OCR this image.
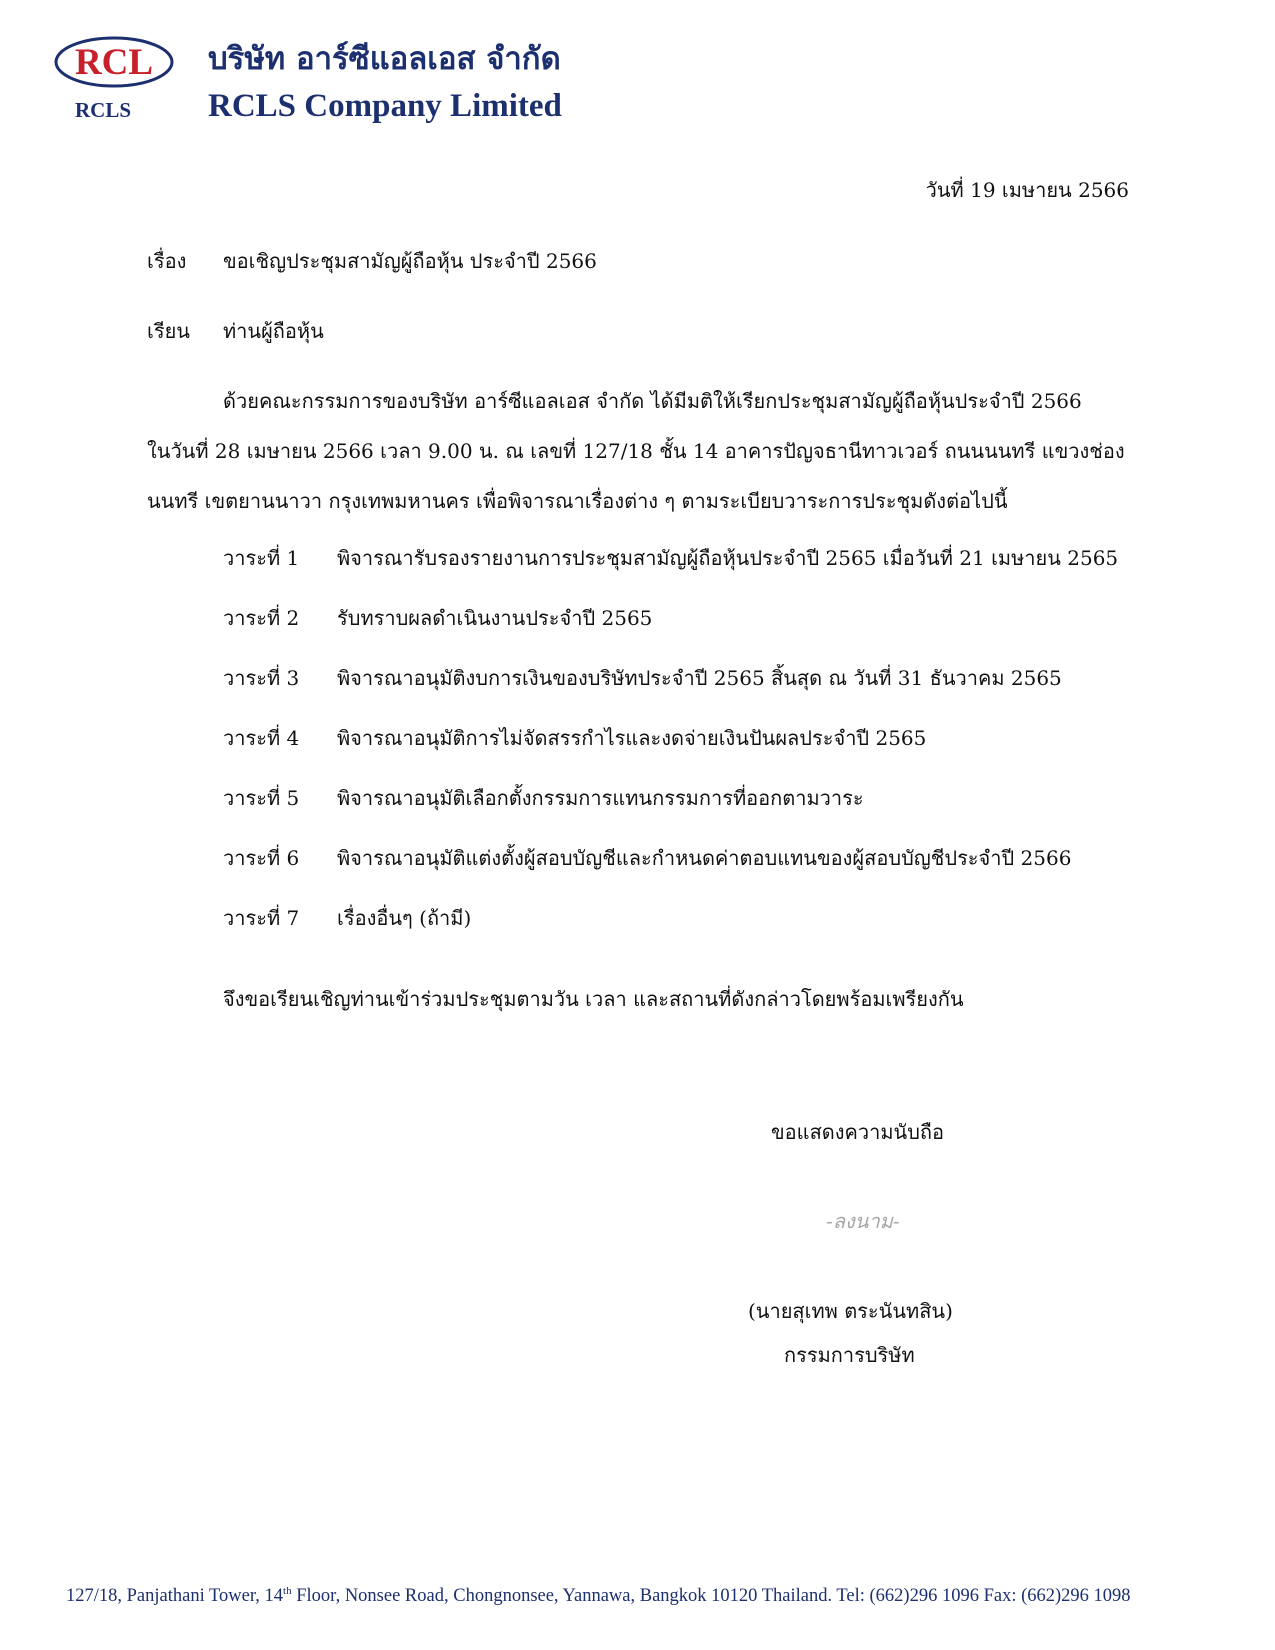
RCL
RCLS
บริษัท อาร์ซีแอลเอส จำกัด
RCLS Company Limited
วันที่ 19 เมษายน 2566
เรื่อง ขอเชิญประชุมสามัญผู้ถือหุ้น ประจำปี 2566
เรียน ท่านผู้ถือหุ้น
ด้วยคณะกรรมการของบริษัท อาร์ซีแอลเอส จำกัด ได้มีมติให้เรียกประชุมสามัญผู้ถือหุ้นประจำปี 2566
ในวันที่ 28 เมษายน 2566 เวลา 9.00 น. ณ เลขที่ 127/18 ชั้น 14 อาคารปัญจธานีทาวเวอร์ ถนนนนทรี แขวงช่อง
นนทรี เขตยานนาวา กรุงเทพมหานคร เพื่อพิจารณาเรื่องต่าง ๆ ตามระเบียบวาระการประชุมดังต่อไปนี้
วาระที่ 1	พิจารณารับรองรายงานการประชุมสามัญผู้ถือหุ้นประจำปี 2565 เมื่อวันที่ 21 เมษายน 2565
วาระที่ 2	รับทราบผลดำเนินงานประจำปี 2565
วาระที่ 3	พิจารณาอนุมัติงบการเงินของบริษัทประจำปี 2565 สิ้นสุด ณ วันที่ 31 ธันวาคม 2565
วาระที่ 4	พิจารณาอนุมัติการไม่จัดสรรกำไรและงดจ่ายเงินปันผลประจำปี 2565
วาระที่ 5	พิจารณาอนุมัติเลือกตั้งกรรมการแทนกรรมการที่ออกตามวาระ
วาระที่ 6	พิจารณาอนุมัติแต่งตั้งผู้สอบบัญชีและกำหนดค่าตอบแทนของผู้สอบบัญชีประจำปี 2566
วาระที่ 7	เรื่องอื่นๆ (ถ้ามี)
จึงขอเรียนเชิญท่านเข้าร่วมประชุมตามวัน เวลา และสถานที่ดังกล่าวโดยพร้อมเพรียงกัน
ขอแสดงความนับถือ
-ลงนาม-
(นายสุเทพ ตระนันทสิน)
กรรมการบริษัท
127/18, Panjathani Tower, 14th Floor, Nonsee Road, Chongnonsee, Yannawa, Bangkok 10120 Thailand. Tel: (662)296 1096 Fax: (662)296 1098
